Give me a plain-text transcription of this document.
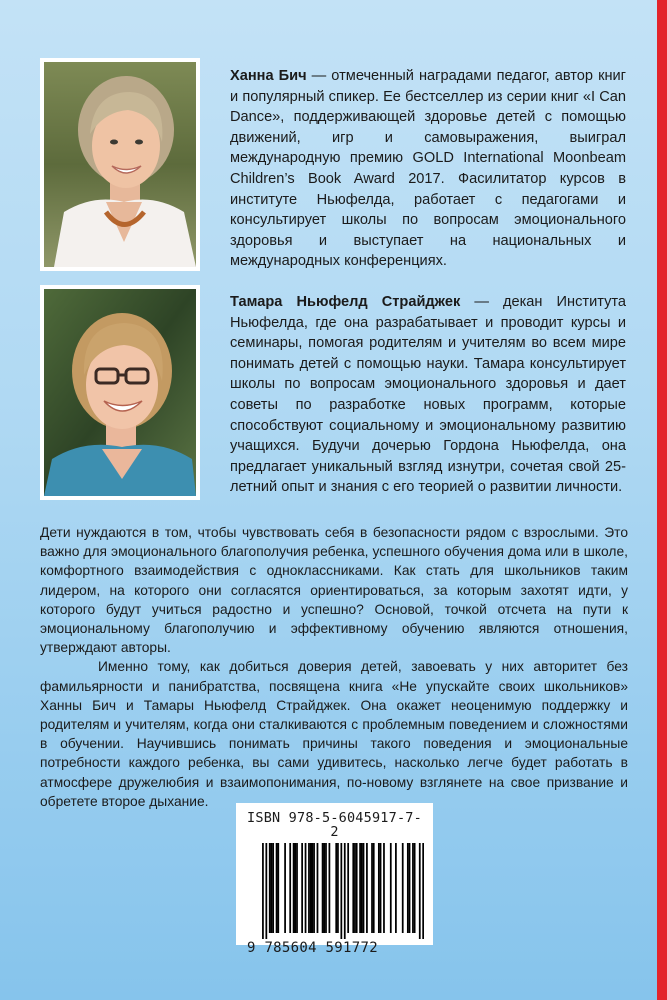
Ханна Бич — отмеченный наградами педагог, автор книг и популярный спикер. Ее бестселлер из серии книг «I Can Dance», поддерживающей здоровье детей с помощью движений, игр и самовыражения, выиграл международную премию GOLD International Moonbeam Children’s Book Award 2017. Фасилитатор курсов в институте Ньюфелда, работает с педагогами и консультирует школы по вопросам эмоционального здоровья и выступает на национальных и международных конференциях.
Тамара Ньюфелд Страйджек — декан Института Ньюфелда, где она разрабатывает и проводит курсы и семинары, помогая родителям и учителям во всем мире понимать детей с помощью науки. Тамара консультирует школы по вопросам эмоционального здоровья и дает советы по разработке новых программ, которые способствуют социальному и эмоциональному развитию учащихся. Будучи дочерью Гордона Ньюфелда, она предлагает уникальный взгляд изнутри, сочетая свой 25-летний опыт и знания с его теорией о развитии личности.

Дети нуждаются в том, чтобы чувствовать себя в безопасности рядом с взрослыми. Это важно для эмоционального благополучия ребенка, успешного обучения дома или в школе, комфортного взаимодействия с одноклассниками. Как стать для школьников таким лидером, на которого они согласятся ориентироваться, за которым захотят идти, у которого будут учиться радостно и успешно? Основой, точкой отсчета на пути к эмоциональному благополучию и эффективному обучению являются отношения, утверждают авторы.

Именно тому, как добиться доверия детей, завоевать у них авторитет без фамильярности и панибратства, посвящена книга «Не упускайте своих школьников» Ханны Бич и Тамары Ньюфелд Страйджек. Она окажет неоценимую поддержку и родителям и учителям, когда они сталкиваются с проблемным поведением и сложностями в обучении. Научившись понимать причины такого поведения и эмоциональные потребности каждого ребенка, вы сами удивитесь, насколько легче будет работать в атмосфере дружелюбия и взаимопонимания, по-новому взглянете на свое призвание и обретете второе дыхание.

ISBN 978-5-6045917-7-2
9 785604 591772
